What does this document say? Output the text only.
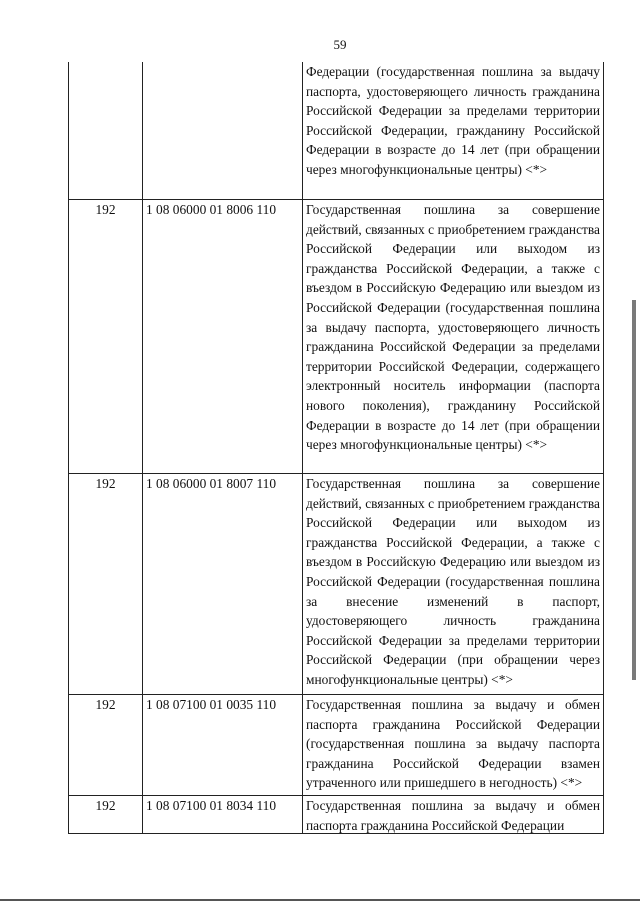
59
		Федерации (государственная пошлина за выдачу паспорта, удостоверяющего личность гражданина Российской Федерации за пределами территории Российской Федерации, гражданину Российской Федерации в возрасте до 14 лет (при обращении через многофункциональные центры) <*>
192	1 08 06000 01 8006 110	Государственная пошлина за совершение действий, связанных с приобретением гражданства Российской Федерации или выходом из гражданства Российской Федерации, а также с въездом в Российскую Федерацию или выездом из Российской Федерации (государственная пошлина за выдачу паспорта, удостоверяющего личность гражданина Российской Федерации за пределами территории Российской Федерации, содержащего электронный носитель информации (паспорта нового поколения), гражданину Российской Федерации в возрасте до 14 лет (при обращении через многофункциональные центры) <*>
192	1 08 06000 01 8007 110	Государственная пошлина за совершение действий, связанных с приобретением гражданства Российской Федерации или выходом из гражданства Российской Федерации, а также с въездом в Российскую Федерацию или выездом из Российской Федерации (государственная пошлина за внесение изменений в паспорт, удостоверяющего личность гражданина Российской Федерации за пределами территории Российской Федерации (при обращении через многофункциональные центры) <*>
192	1 08 07100 01 0035 110	Государственная пошлина за выдачу и обмен паспорта гражданина Российской Федерации (государственная пошлина за выдачу паспорта гражданина Российской Федерации взамен утраченного или пришедшего в негодность) <*>
192	1 08 07100 01 8034 110	Государственная пошлина за выдачу и обмен паспорта гражданина Российской Федерации
